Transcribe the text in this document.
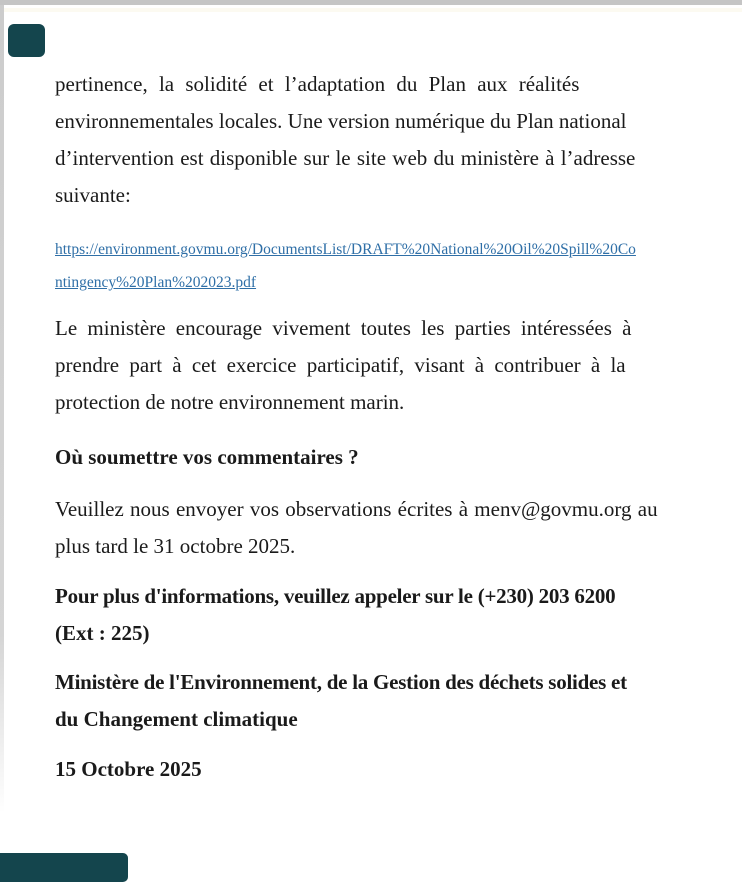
pertinence, la solidité et l’adaptation du Plan aux réalités
environnementales locales. Une version numérique du Plan national
d’intervention est disponible sur le site web du ministère à l’adresse
suivante:

https://environment.govmu.org/DocumentsList/DRAFT%20National%20Oil%20Spill%20Co
ntingency%20Plan%202023.pdf

Le ministère encourage vivement toutes les parties intéressées à
prendre part à cet exercice participatif, visant à contribuer à la
protection de notre environnement marin.

Où soumettre vos commentaires ?

Veuillez nous envoyer vos observations écrites à menv@govmu.org au
plus tard le 31 octobre 2025.

Pour plus d'informations, veuillez appeler sur le (+230) 203 6200
(Ext : 225)

Ministère de l'Environnement, de la Gestion des déchets solides et
du Changement climatique

15 Octobre 2025
